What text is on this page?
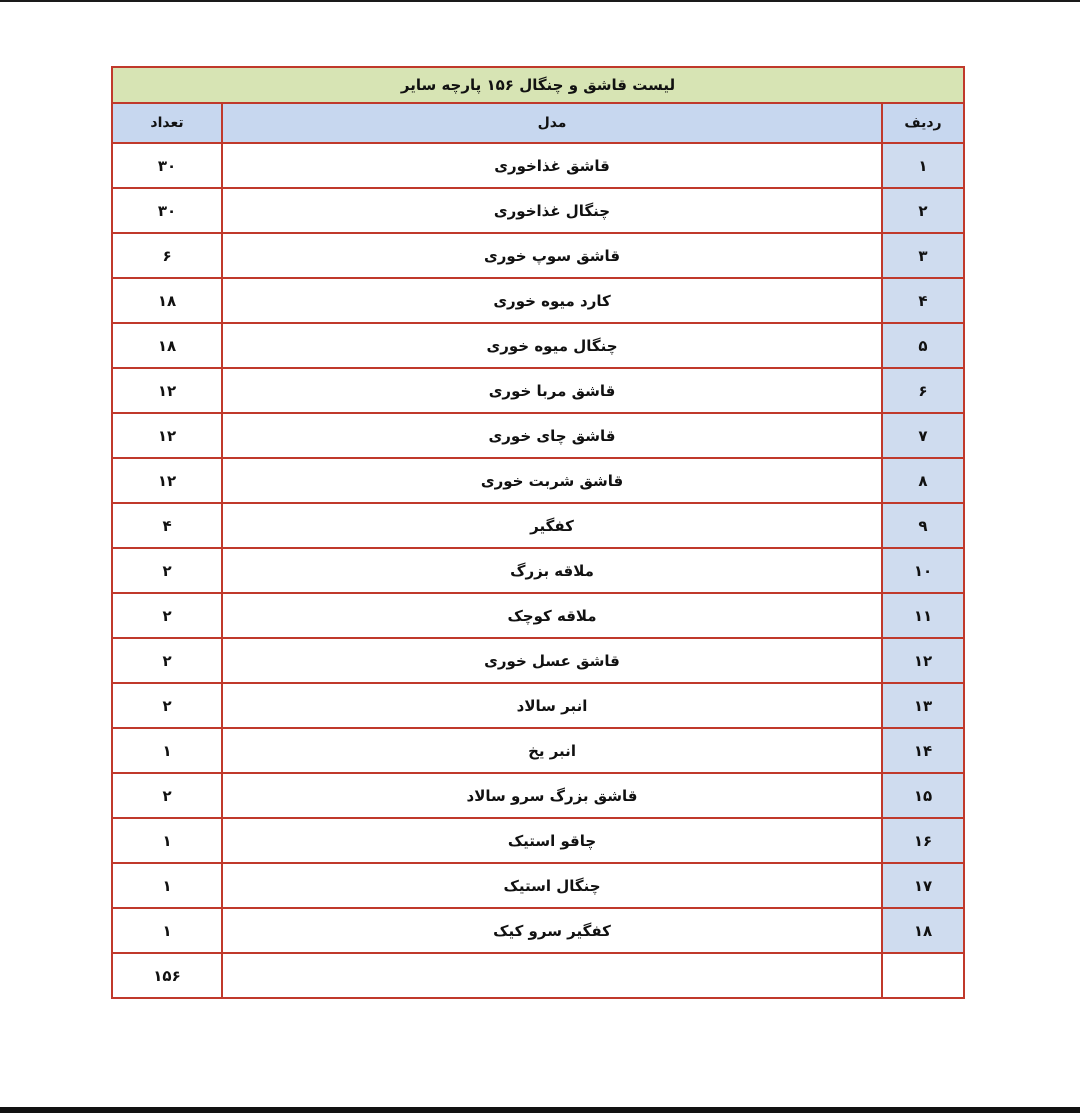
لیست قاشق و چنگال ۱۵۶ پارچه سایر		
ردیف	مدل	تعداد
۱	قاشق غذاخوری	۳۰
۲	چنگال غذاخوری	۳۰
۳	قاشق سوپ خوری	۶
۴	کارد میوه خوری	۱۸
۵	چنگال میوه خوری	۱۸
۶	قاشق مربا خوری	۱۲
۷	قاشق چای خوری	۱۲
۸	قاشق شربت خوری	۱۲
۹	کفگیر	۴
۱۰	ملاقه بزرگ	۲
۱۱	ملاقه کوچک	۲
۱۲	قاشق عسل خوری	۲
۱۳	انبر سالاد	۲
۱۴	انبر یخ	۱
۱۵	قاشق بزرگ سرو سالاد	۲
۱۶	چاقو استیک	۱
۱۷	چنگال استیک	۱
۱۸	کفگیر سرو کیک	۱
		۱۵۶
